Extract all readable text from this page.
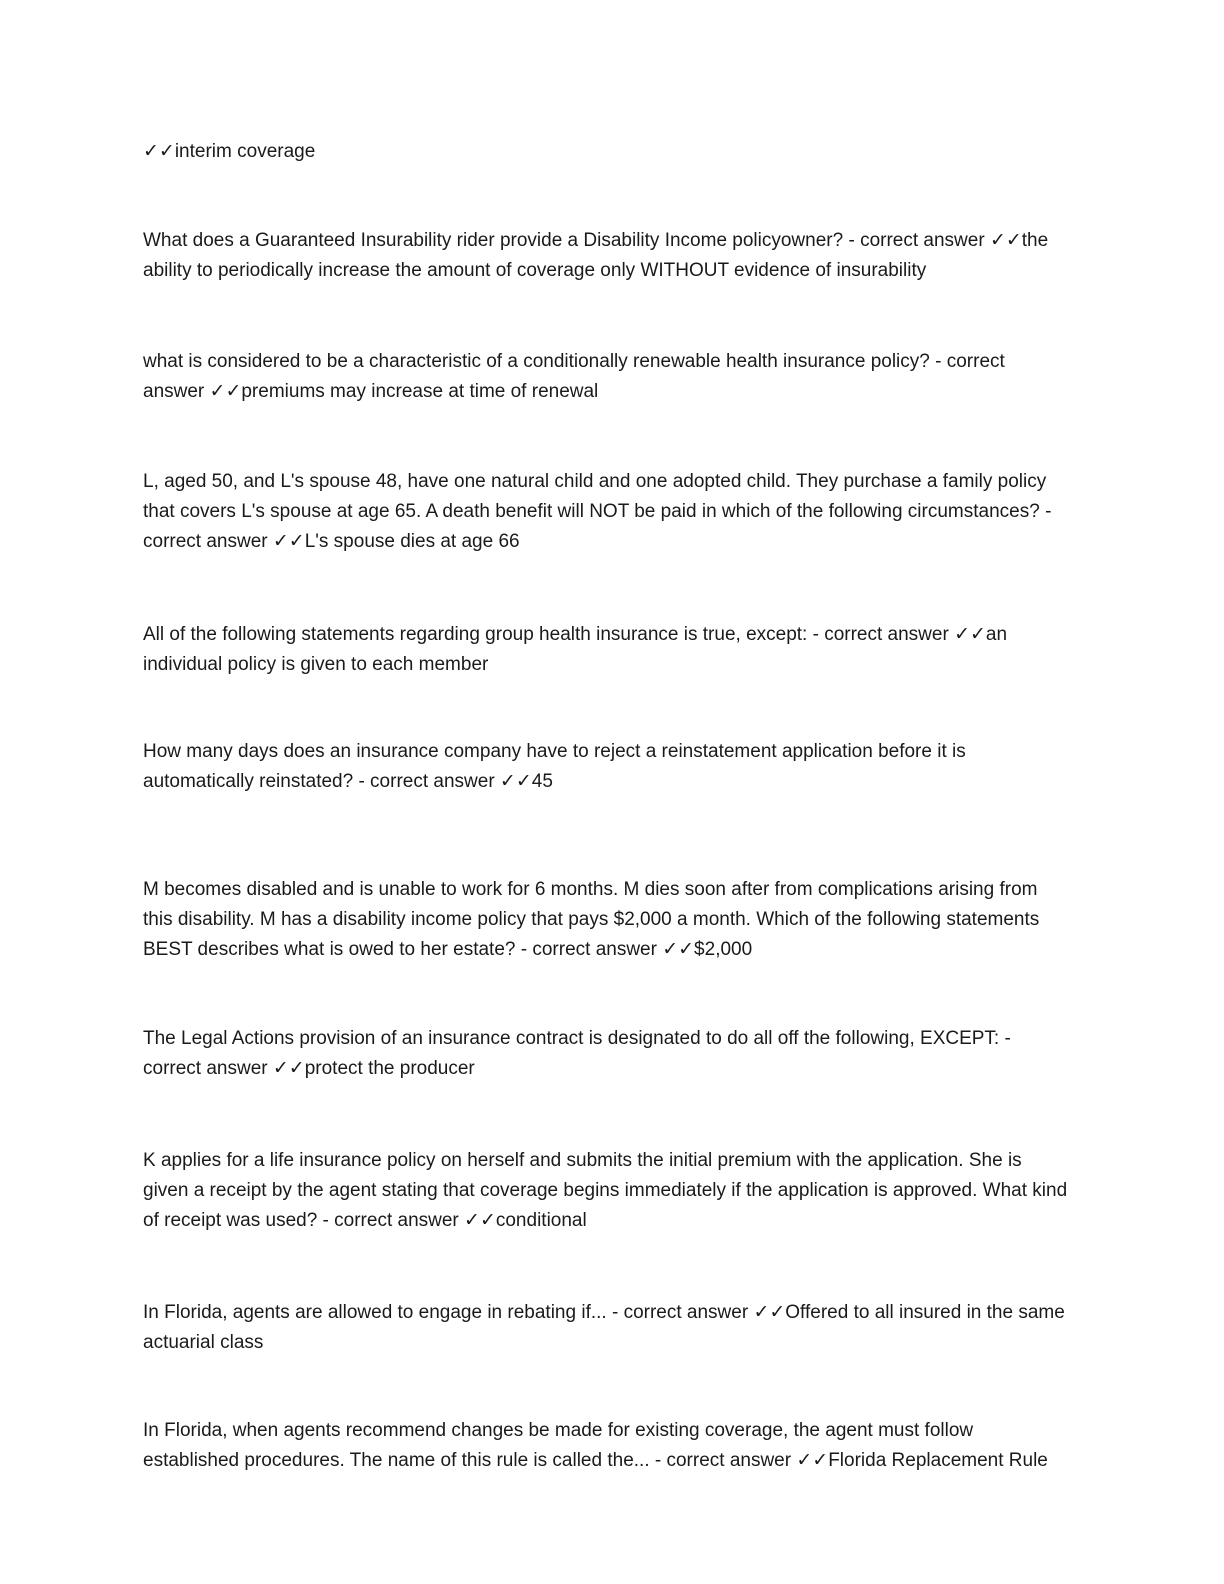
✓✓interim coverage

What does a Guaranteed Insurability rider provide a Disability Income policyowner? - correct answer ✓✓the ability to periodically increase the amount of coverage only WITHOUT evidence of insurability

what is considered to be a characteristic of a conditionally renewable health insurance policy? - correct answer ✓✓premiums may increase at time of renewal

L, aged 50, and L's spouse 48, have one natural child and one adopted child. They purchase a family policy that covers L's spouse at age 65. A death benefit will NOT be paid in which of the following circumstances? - correct answer ✓✓L's spouse dies at age 66

All of the following statements regarding group health insurance is true, except: - correct answer ✓✓an individual policy is given to each member

How many days does an insurance company have to reject a reinstatement application before it is automatically reinstated? - correct answer ✓✓45

M becomes disabled and is unable to work for 6 months. M dies soon after from complications arising from this disability. M has a disability income policy that pays $2,000 a month. Which of the following statements BEST describes what is owed to her estate? - correct answer ✓✓$2,000

The Legal Actions provision of an insurance contract is designated to do all off the following, EXCEPT: - correct answer ✓✓protect the producer

K applies for a life insurance policy on herself and submits the initial premium with the application. She is given a receipt by the agent stating that coverage begins immediately if the application is approved. What kind of receipt was used? - correct answer ✓✓conditional

In Florida, agents are allowed to engage in rebating if... - correct answer ✓✓Offered to all insured in the same actuarial class

In Florida, when agents recommend changes be made for existing coverage, the agent must follow established procedures. The name of this rule is called the... - correct answer ✓✓Florida Replacement Rule
